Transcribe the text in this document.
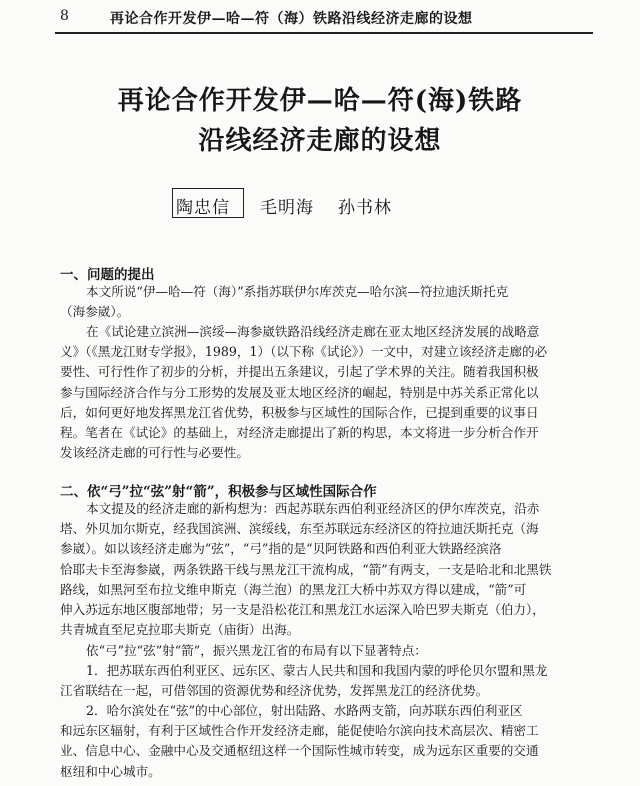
8	再论合作开发伊—哈—符（海）铁路沿线经济走廊的设想
再论合作开发伊—哈—符(海)铁路
沿线经济走廊的设想
陶忠信 毛明海 孙书林
一、问题的提出
本文所说“伊—哈—符（海）”系指苏联伊尔库茨克—哈尔滨—符拉迪沃斯托克
（海参崴）。
在《试论建立滨洲—滨绥—海参崴铁路沿线经济走廊在亚太地区经济发展的战略意
义》（《黑龙江财专学报》，1989，1）（以下称《试论》）一文中，对建立该经济走廊的必
要性、可行性作了初步的分析，并提出五条建议，引起了学术界的关注。随着我国积极
参与国际经济合作与分工形势的发展及亚太地区经济的崛起，特别是中苏关系正常化以
后，如何更好地发挥黑龙江省优势，积极参与区域性的国际合作，已提到重要的议事日
程。笔者在《试论》的基础上，对经济走廊提出了新的构思，本文将进一步分析合作开
发该经济走廊的可行性与必要性。
二、依“弓”拉“弦”射“箭”，积极参与区域性国际合作
本文提及的经济走廊的新构想为：西起苏联东西伯利亚经济区的伊尔库茨克，沿赤
塔、外贝加尔斯克，经我国滨洲、滨绥线，东至苏联远东经济区的符拉迪沃斯托克（海
参崴）。如以该经济走廊为“弦”，“弓”指的是“贝阿铁路和西伯利亚大铁路经滨洛
恰耶夫卡至海参崴，两条铁路干线与黑龙江干流构成，“箭”有两支，一支是哈北和北黑铁
路线，如黑河至布拉戈维申斯克（海兰泡）的黑龙江大桥中苏双方得以建成，“箭”可
伸入苏远东地区腹部地带；另一支是沿松花江和黑龙江水运深入哈巴罗夫斯克（伯力），
共青城直至尼克拉耶夫斯克（庙街）出海。
依“弓”拉“弦”射“箭”，振兴黑龙江省的布局有以下显著特点：
1．把苏联东西伯利亚区、远东区、蒙古人民共和国和我国内蒙的呼伦贝尔盟和黑龙
江省联结在一起，可借邻国的资源优势和经济优势，发挥黑龙江的经济优势。
2．哈尔滨处在“弦”的中心部位，射出陆路、水路两支箭，向苏联东西伯利亚区
和远东区辐射，有利于区域性合作开发经济走廊，能促使哈尔滨向技术高层次、精密工
业、信息中心、金融中心及交通枢纽这样一个国际性城市转变，成为远东区重要的交通
枢纽和中心城市。
